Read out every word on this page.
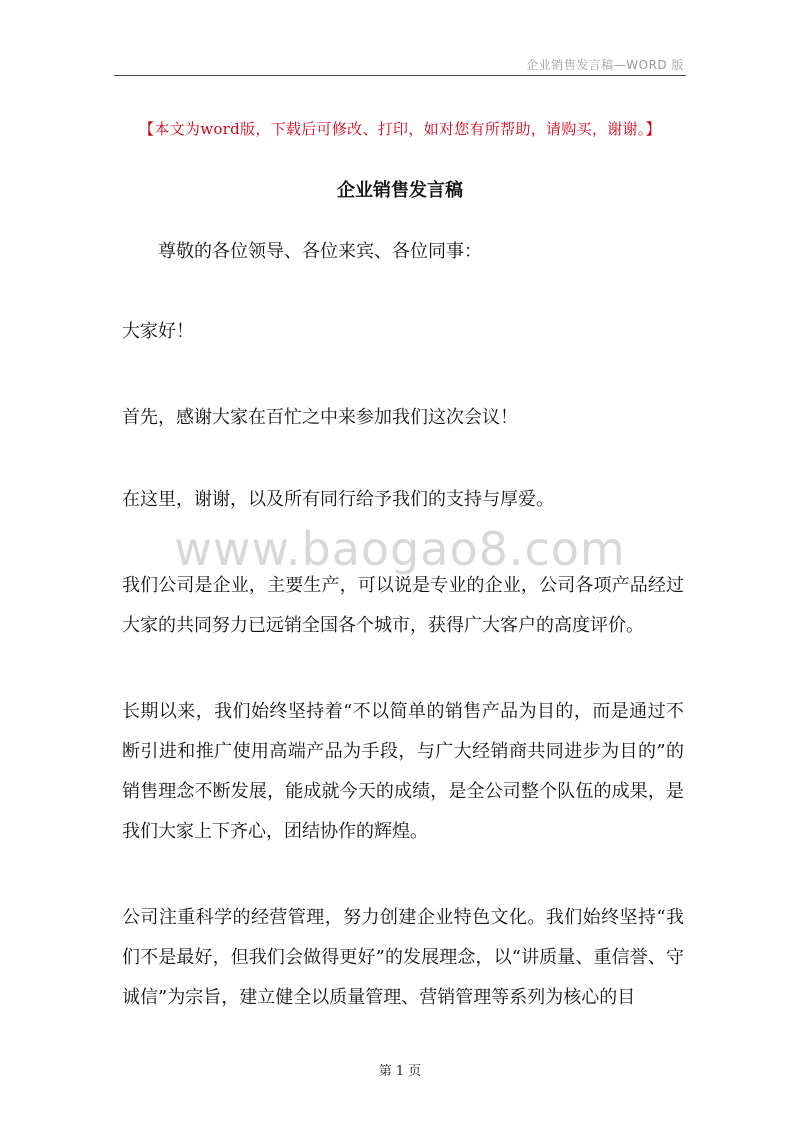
企业销售发言稿—WORD 版
【本文为word版，下载后可修改、打印，如对您有所帮助，请购买，谢谢。】
企业销售发言稿

尊敬的各位领导、各位来宾、各位同事：

大家好！

首先，感谢大家在百忙之中来参加我们这次会议！

在这里，谢谢，以及所有同行给予我们的支持与厚爱。

我们公司是企业，主要生产，可以说是专业的企业，公司各项产品经过大家的共同努力已远销全国各个城市，获得广大客户的高度评价。

长期以来，我们始终坚持着“不以简单的销售产品为目的，而是通过不断引进和推广使用高端产品为手段，与广大经销商共同进步为目的”的销售理念不断发展，能成就今天的成绩，是全公司整个队伍的成果，是我们大家上下齐心，团结协作的辉煌。

公司注重科学的经营管理，努力创建企业特色文化。我们始终坚持“我们不是最好，但我们会做得更好”的发展理念，以“讲质量、重信誉、守诚信”为宗旨，建立健全以质量管理、营销管理等系列为核心的目

www.baogao8.com
第 1 页
